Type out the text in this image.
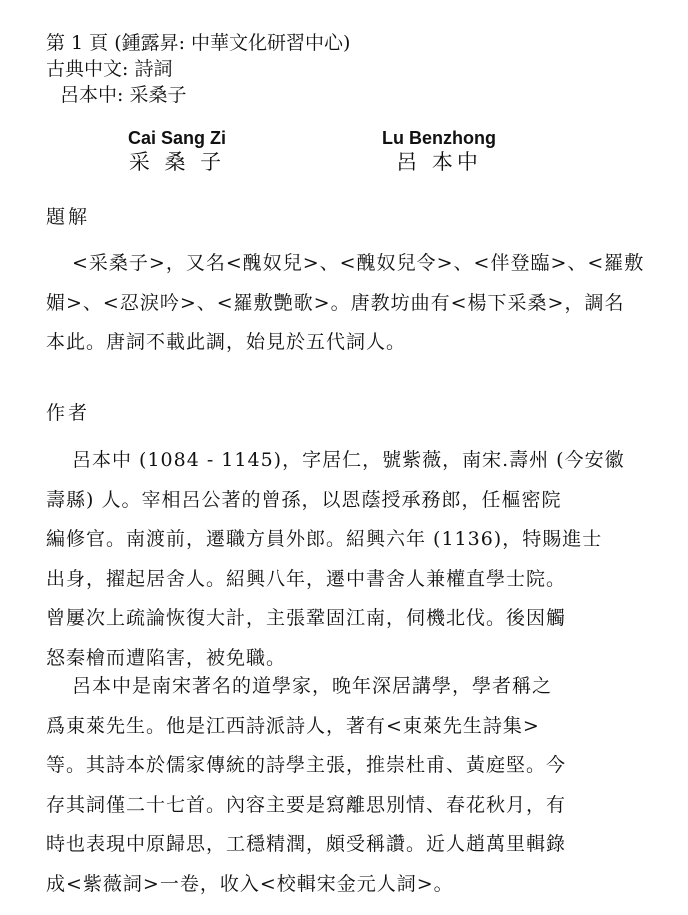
第 1 頁 (鍾露昇: 中華文化研習中心)
古典中文: 詩詞
呂本中: 采桑子
Cai Sang Zi
采 桑 子
Lu Benzhong
呂 本中
題解
<采桑子>，又名<醜奴兒>、<醜奴兒令>、<伴登臨>、<羅敷
媚>、<忍淚吟>、<羅敷艷歌>。唐教坊曲有<楊下采桑>，調名
本此。唐詞不載此調，始見於五代詞人。
作者
呂本中 (1084 - 1145)，字居仁，號紫薇，南宋.壽州 (今安徽
壽縣) 人。宰相呂公著的曾孫，以恩蔭授承務郎，任樞密院
編修官。南渡前，遷職方員外郎。紹興六年 (1136)，特賜進士
出身，擢起居舍人。紹興八年，遷中書舍人兼權直學士院。
曾屢次上疏論恢復大計，主張鞏固江南，伺機北伐。後因觸
怒秦檜而遭陷害，被免職。
呂本中是南宋著名的道學家，晚年深居講學，學者稱之
爲東萊先生。他是江西詩派詩人，著有<東萊先生詩集>
等。其詩本於儒家傳統的詩學主張，推崇杜甫、黃庭堅。今
存其詞僅二十七首。內容主要是寫離思別情、春花秋月，有
時也表現中原歸思，工穩精潤，頗受稱讚。近人趙萬里輯錄
成<紫薇詞>一卷，收入<校輯宋金元人詞>。
